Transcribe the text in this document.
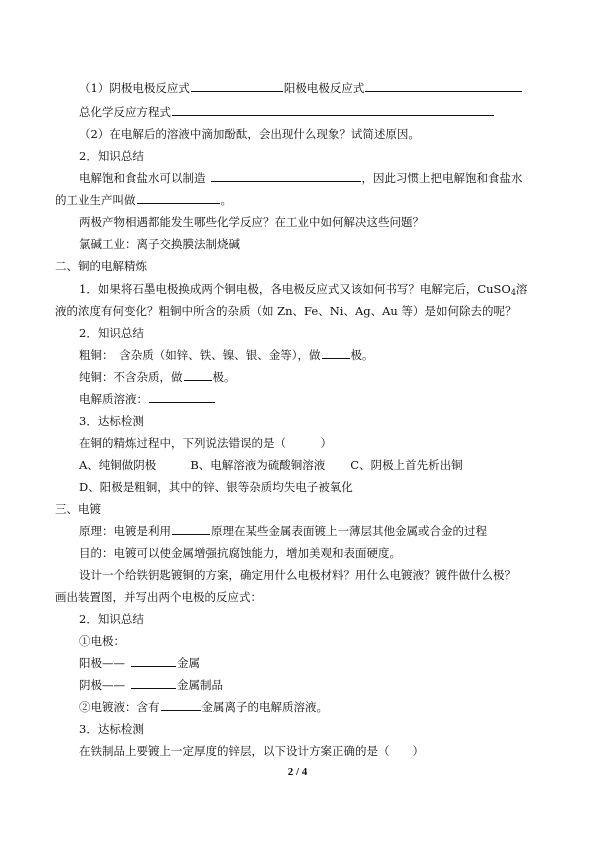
（1）阴极电极反应式	阳极电极反应式
总化学反应方程式
（2）在电解后的溶液中滴加酚酞，会出现什么现象？试简述原因。
2．知识总结
电解饱和食盐水可以制造	，因此习惯上把电解饱和食盐水
的工业生产叫做	。
两极产物相遇都能发生哪些化学反应？在工业中如何解决这些问题？
氯碱工业：离子交换膜法制烧碱
二、铜的电解精炼
1．如果将石墨电极换成两个铜电极，各电极反应式又该如何书写？电解完后，CuSO$_4$溶
液的浓度有何变化？粗铜中所含的杂质（如 Zn、Fe、Ni、Ag、Au 等）是如何除去的呢？
2．知识总结
粗铜：　含杂质（如锌、铁、镍、银、金等），做	极。
纯铜：不含杂质，做	极。
电解质溶液：
3．达标检测
在铜的精炼过程中，下列说法错误的是（　　　）
A、纯铜做阴极	B、电解溶液为硫酸铜溶液 C、阴极上首先析出铜
D、阳极是粗铜，其中的锌、银等杂质均失电子被氧化
三、电镀
原理：电镀是利用	原理在某些金属表面镀上一薄层其他金属或合金的过程
目的：电镀可以使金属增强抗腐蚀能力，增加美观和表面硬度。
设计一个给铁钥匙镀铜的方案，确定用什么电极材料？用什么电镀液？镀件做什么极？
画出装置图，并写出两个电极的反应式：
2．知识总结
①电极：
阳极——	金属
阴极——	金属制品
②电镀液：含有	金属离子的电解质溶液。
3．达标检测
在铁制品上要镀上一定厚度的锌层，以下设计方案正确的是（　　）
2 / 4
